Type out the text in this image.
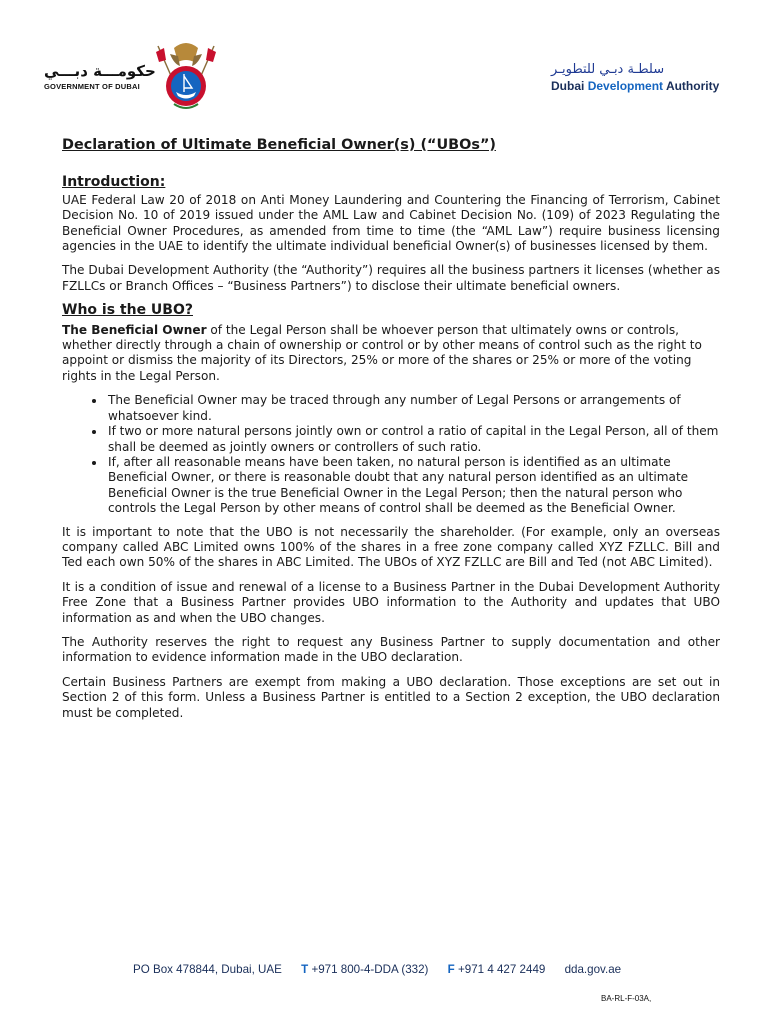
حكومـــة دبـــي
GOVERNMENT OF DUBAI
سلطـة دبـي للتطويـر
Dubai Development Authority
Declaration of Ultimate Beneficial Owner(s) (“UBOs”)
Introduction:

UAE Federal Law 20 of 2018 on Anti Money Laundering and Countering the Financing of Terrorism, Cabinet Decision No. 10 of 2019 issued under the AML Law and Cabinet Decision No. (109) of 2023 Regulating the Beneficial Owner Procedures, as amended from time to time (the “AML Law”) require business licensing agencies in the UAE to identify the ultimate individual beneficial Owner(s) of businesses licensed by them.

The Dubai Development Authority (the “Authority”) requires all the business partners it licenses (whether as FZLLCs or Branch Offices – “Business Partners”) to disclose their ultimate beneficial owners.

Who is the UBO?

The Beneficial Owner of the Legal Person shall be whoever person that ultimately owns or controls, whether directly through a chain of ownership or control or by other means of control such as the right to appoint or dismiss the majority of its Directors, 25% or more of the shares or 25% or more of the voting rights in the Legal Person.

• The Beneficial Owner may be traced through any number of Legal Persons or arrangements of whatsoever kind.
• If two or more natural persons jointly own or control a ratio of capital in the Legal Person, all of them shall be deemed as jointly owners or controllers of such ratio.
• If, after all reasonable means have been taken, no natural person is identified as an ultimate Beneficial Owner, or there is reasonable doubt that any natural person identified as an ultimate Beneficial Owner is the true Beneficial Owner in the Legal Person; then the natural person who controls the Legal Person by other means of control shall be deemed as the Beneficial Owner.

It is important to note that the UBO is not necessarily the shareholder. (For example, only an overseas company called ABC Limited owns 100% of the shares in a free zone company called XYZ FZLLC. Bill and Ted each own 50% of the shares in ABC Limited. The UBOs of XYZ FZLLC are Bill and Ted (not ABC Limited).

It is a condition of issue and renewal of a license to a Business Partner in the Dubai Development Authority Free Zone that a Business Partner provides UBO information to the Authority and updates that UBO information as and when the UBO changes.

The Authority reserves the right to request any Business Partner to supply documentation and other information to evidence information made in the UBO declaration.

Certain Business Partners are exempt from making a UBO declaration. Those exceptions are set out in Section 2 of this form. Unless a Business Partner is entitled to a Section 2 exception, the UBO declaration must be completed.

PO Box 478844, Dubai, UAE T +971 800-4-DDA (332) F +971 4 427 2449 dda.gov.ae
BA-RL-F-03A,
